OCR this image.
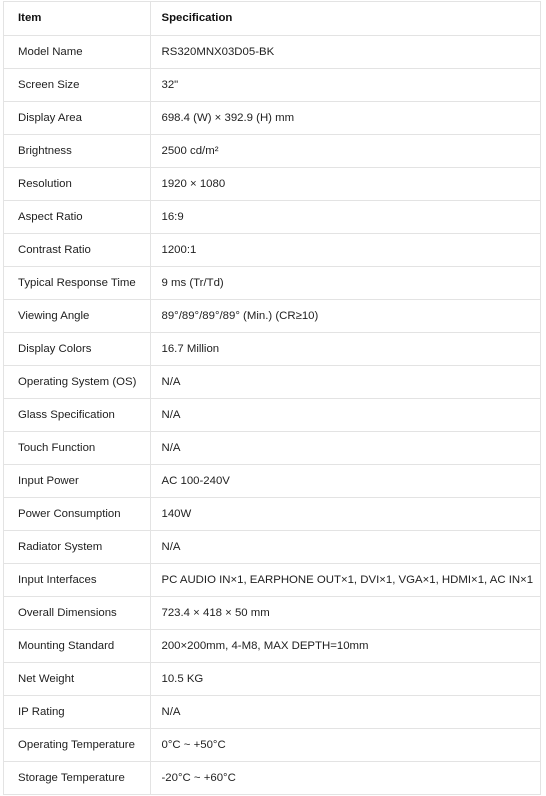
Item	Specification
Model Name	RS320MNX03D05-BK
Screen Size	32"
Display Area	698.4 (W) × 392.9 (H) mm
Brightness	2500 cd/m²
Resolution	1920 × 1080
Aspect Ratio	16:9
Contrast Ratio	1200:1
Typical Response Time	9 ms (Tr/Td)
Viewing Angle	89°/89°/89°/89° (Min.) (CR≥10)
Display Colors	16.7 Million
Operating System (OS)	N/A
Glass Specification	N/A
Touch Function	N/A
Input Power	AC 100-240V
Power Consumption	140W
Radiator System	N/A
Input Interfaces	PC AUDIO IN×1, EARPHONE OUT×1, DVI×1, VGA×1, HDMI×1, AC IN×1
Overall Dimensions	723.4 × 418 × 50 mm
Mounting Standard	200×200mm, 4-M8, MAX DEPTH=10mm
Net Weight	10.5 KG
IP Rating	N/A
Operating Temperature	0°C ~ +50°C
Storage Temperature	-20°C ~ +60°C
